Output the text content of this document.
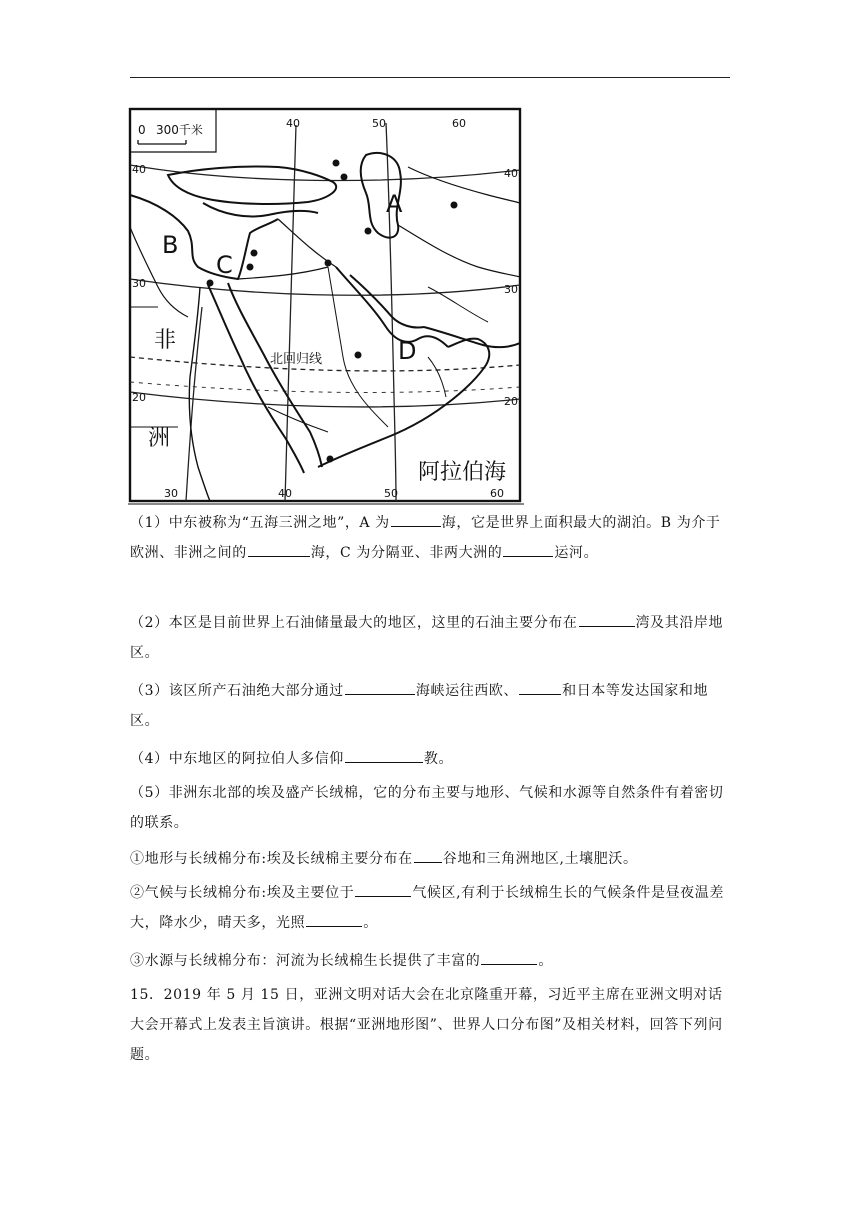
0 300千米	40	50	60
30	40	50	60
40
30
20
40
30
20
A
B
C
D
非
洲
北回归线
阿拉伯海

（1）中东被称为“五海三洲之地”，A 为	海，它是世界上面积最大的湖泊。B 为介于欧洲、非洲之间的	海，C 为分隔亚、非两大洲的	运河。

（2）本区是目前世界上石油储量最大的地区，这里的石油主要分布在	湾及其沿岸地区。

（3）该区所产石油绝大部分通过	海峡运往西欧、	和日本等发达国家和地区。

（4）中东地区的阿拉伯人多信仰	教。

（5）非洲东北部的埃及盛产长绒棉，它的分布主要与地形、气候和水源等自然条件有着密切的联系。

①地形与长绒棉分布:埃及长绒棉主要分布在 谷地和三角洲地区,土壤肥沃。

②气候与长绒棉分布:埃及主要位于	气候区,有利于长绒棉生长的气候条件是昼夜温差大，降水少，晴天多，光照	。

③水源与长绒棉分布：河流为长绒棉生长提供了丰富的	。

15．2019 年 5 月 15 日，亚洲文明对话大会在北京隆重开幕，习近平主席在亚洲文明对话大会开幕式上发表主旨演讲。根据“亚洲地形图”、世界人口分布图”及相关材料，回答下列问题。
